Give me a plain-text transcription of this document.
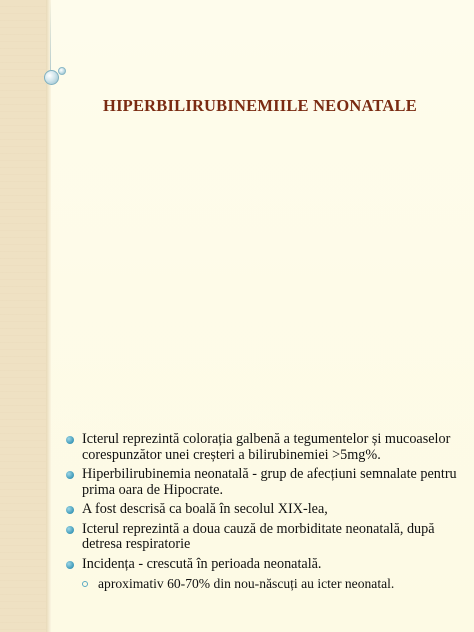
HIPERBILIRUBINEMIILE NEONATALE
Icterul reprezintă colorația galbenă a tegumentelor și mucoaselor corespunzător unei creșteri a bilirubinemiei >5mg%.
Hiperbilirubinemia neonatală - grup de afecțiuni semnalate pentru prima oara de Hipocrate.
A fost descrisă ca boală în secolul XIX-lea,
Icterul reprezintă a doua cauză de morbiditate neonatală, după detresa respiratorie
Incidența - crescută în perioada neonatală.
aproximativ 60-70% din nou-născuți au icter neonatal.
